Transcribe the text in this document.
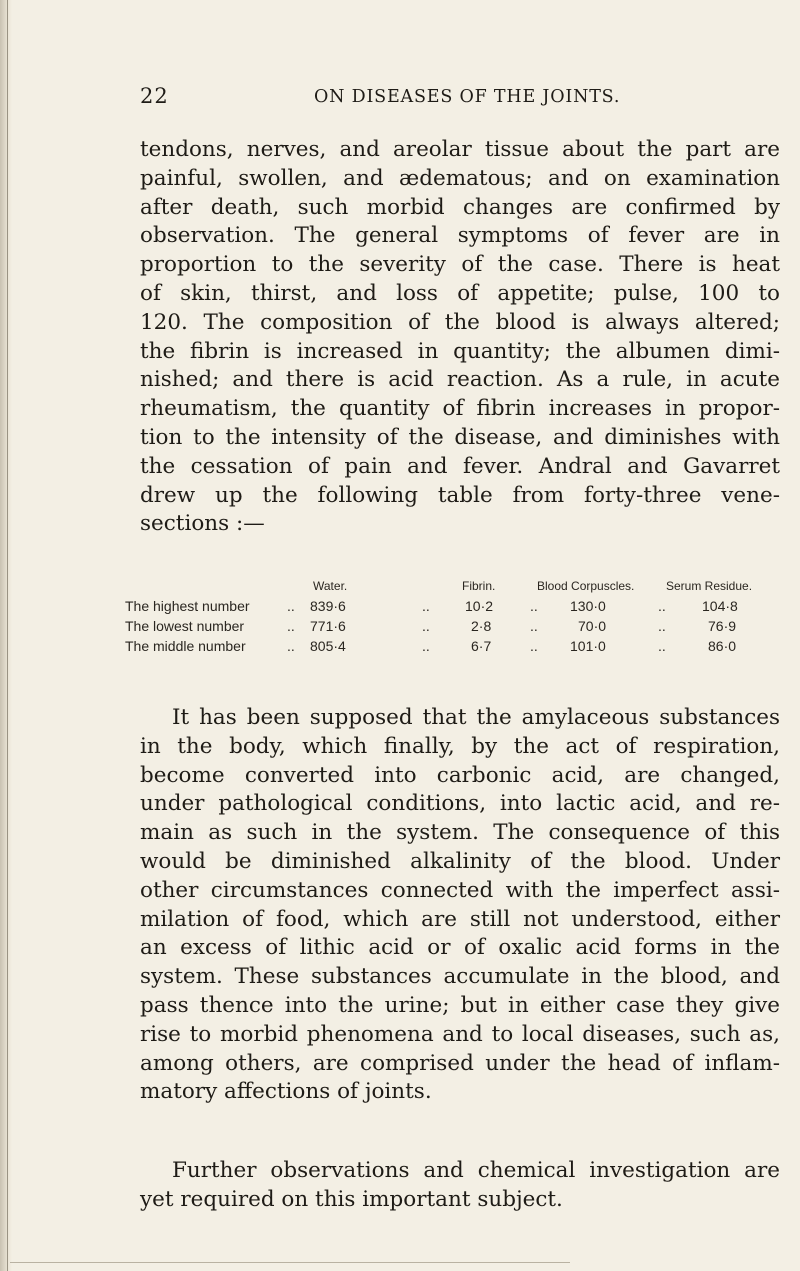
22	ON DISEASES OF THE JOINTS.
tendons, nerves, and areolar tissue about the part are
painful, swollen, and ædematous; and on examination
after death, such morbid changes are confirmed by
observation. The general symptoms of fever are in
proportion to the severity of the case. There is heat
of skin, thirst, and loss of appetite; pulse, 100 to
120. The composition of the blood is always altered;
the fibrin is increased in quantity; the albumen dimi-
nished; and there is acid reaction. As a rule, in acute
rheumatism, the quantity of fibrin increases in propor-
tion to the intensity of the disease, and diminishes with
the cessation of pain and fever. Andral and Gavarret
drew up the following table from forty-three vene-
sections :—
Water.	Fibrin.	Blood Corpuscles.	Serum Residue.
The highest number	.. 839·6	..	10·2	.. 130·0	..	104·8
The lowest number	.. 771·6	..	2·8	..	70·0	..	76·9
The middle number	.. 805·4	..	6·7	.. 101·0	..	86·0
It has been supposed that the amylaceous substances
in the body, which finally, by the act of respiration,
become converted into carbonic acid, are changed,
under pathological conditions, into lactic acid, and re-
main as such in the system. The consequence of this
would be diminished alkalinity of the blood. Under
other circumstances connected with the imperfect assi-
milation of food, which are still not understood, either
an excess of lithic acid or of oxalic acid forms in the
system. These substances accumulate in the blood, and
pass thence into the urine; but in either case they give
rise to morbid phenomena and to local diseases, such as,
among others, are comprised under the head of inflam-
matory affections of joints.
Further observations and chemical investigation are
yet required on this important subject.
